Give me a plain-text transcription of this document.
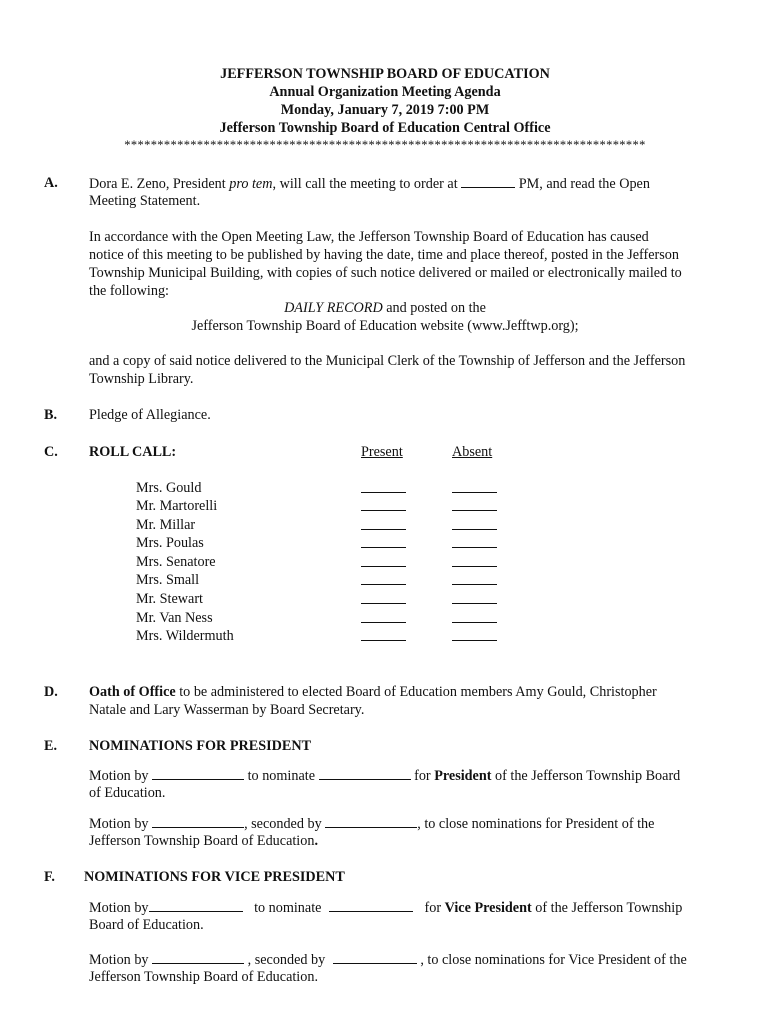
JEFFERSON TOWNSHIP BOARD OF EDUCATION
Annual Organization Meeting Agenda
Monday, January 7, 2019 7:00 PM
Jefferson Township Board of Education Central Office
*******************************************************************************
A. Dora E. Zeno, President pro tem, will call the meeting to order at	PM, and read the Open
Meeting Statement.
In accordance with the Open Meeting Law, the Jefferson Township Board of Education has caused
notice of this meeting to be published by having the date, time and place thereof, posted in the Jefferson
Township Municipal Building, with copies of such notice delivered or mailed or electronically mailed to
the following:
DAILY RECORD and posted on the
Jefferson Township Board of Education website (www.Jefftwp.org);
and a copy of said notice delivered to the Municipal Clerk of the Township of Jefferson and the Jefferson
Township Library.
B. Pledge of Allegiance.
C. ROLL CALL:	Present	Absent
Mrs. Gould
Mr. Martorelli
Mr. Millar
Mrs. Poulas
Mrs. Senatore
Mrs. Small
Mr. Stewart
Mr. Van Ness
Mrs. Wildermuth
D. Oath of Office to be administered to elected Board of Education members Amy Gould, Christopher
Natale and Lary Wasserman by Board Secretary.
E. NOMINATIONS FOR PRESIDENT
Motion by	to nominate	for President of the Jefferson Township Board
of Education.
Motion by	, seconded by	, to close nominations for President of the
Jefferson Township Board of Education.
F. NOMINATIONS FOR VICE PRESIDENT
Motion by	to nominate	for Vice President of the Jefferson Township
Board of Education.
Motion by	, seconded by	, to close nominations for Vice President of the
Jefferson Township Board of Education.
